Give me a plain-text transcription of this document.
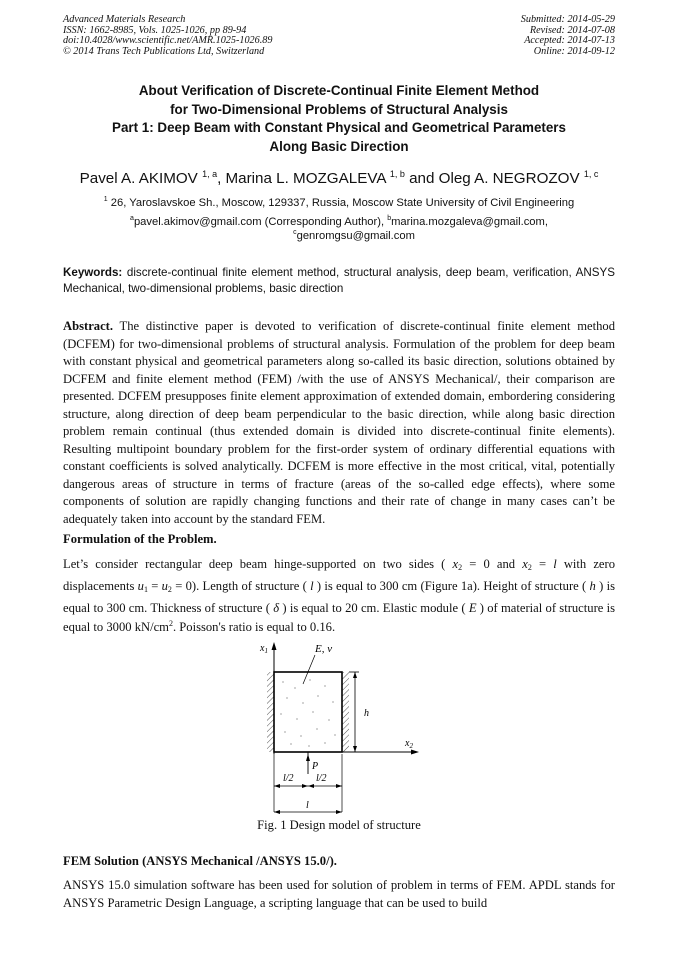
Advanced Materials Research
ISSN: 1662-8985, Vols. 1025-1026, pp 89-94
doi:10.4028/www.scientific.net/AMR.1025-1026.89
© 2014 Trans Tech Publications Ltd, Switzerland
Submitted: 2014-05-29
Revised: 2014-07-08
Accepted: 2014-07-13
Online: 2014-09-12
About Verification of Discrete-Continual Finite Element Method
for Two-Dimensional Problems of Structural Analysis
Part 1: Deep Beam with Constant Physical and Geometrical Parameters
Along Basic Direction
Pavel A. AKIMOV $^{1, a}$, Marina L. MOZGALEVA $^{1, b}$ and Oleg A. NEGROZOV $^{1, c}$
$^1$ 26, Yaroslavskoe Sh., Moscow, 129337, Russia, Moscow State University of Civil Engineering
$^a$pavel.akimov@gmail.com (Corresponding Author), $^b$marina.mozgaleva@gmail.com,
$^c$genromgsu@gmail.com
Keywords: discrete-continual finite element method, structural analysis, deep beam, verification, ANSYS Mechanical, two-dimensional problems, basic direction
Abstract. The distinctive paper is devoted to verification of discrete-continual finite element method (DCFEM) for two-dimensional problems of structural analysis. Formulation of the problem for deep beam with constant physical and geometrical parameters along so-called its basic direction, solutions obtained by DCFEM and finite element method (FEM) /with the use of ANSYS Mechanical/, their comparison are presented. DCFEM presupposes finite element approximation of extended domain, embordering considering structure, along direction of deep beam perpendicular to the basic direction, while along basic direction problem remain continual (thus extended domain is divided into discrete-continual finite elements). Resulting multipoint boundary problem for the first-order system of ordinary differential equations with constant coefficients is solved analytically. DCFEM is more effective in the most critical, vital, potentially dangerous areas of structure in terms of fracture (areas of the so-called edge effects), where some components of solution are rapidly changing functions and their rate of change in many cases can’t be adequately taken into account by the standard FEM.
Formulation of the Problem.
Let’s consider rectangular deep beam hinge-supported on two sides ( $x_2 = 0$ and $x_2 = l$ with zero displacements $u_1 = u_2 = 0$). Length of structure ( l ) is equal to 300 cm (Figure 1a). Height of structure ( h ) is equal to 300 cm. Thickness of structure ( δ ) is equal to 20 cm. Elastic module ( E ) of material of structure is equal to 3000 $kN/cm^2$. Poisson's ratio is equal to 0.16.
$x_1$	E, ν
$x_2$
h
P
l/2 l/2
l
Fig. 1 Design model of structure
FEM Solution (ANSYS Mechanical /ANSYS 15.0/).
ANSYS 15.0 simulation software has been used for solution of problem in terms of FEM. APDL stands for ANSYS Parametric Design Language, a scripting language that can be used to build
